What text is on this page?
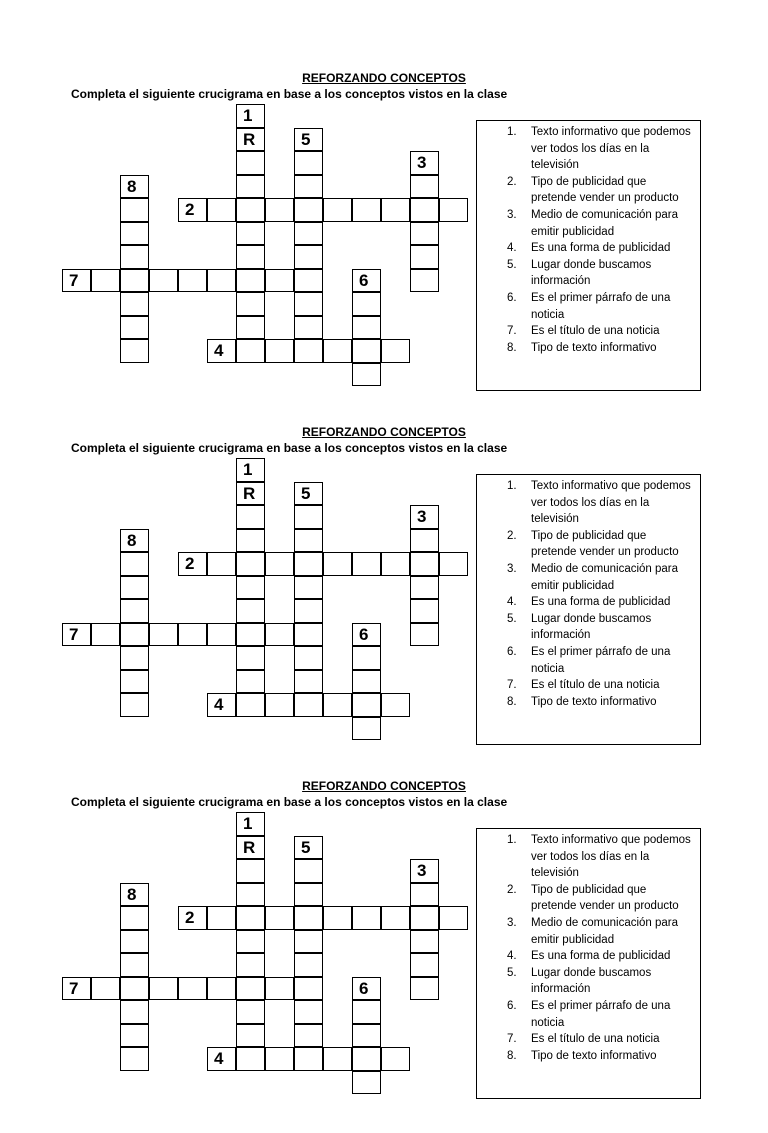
REFORZANDO CONCEPTOS
Completa el siguiente crucigrama en base a los conceptos vistos en la clase
1
R	5
3
8
2
7	6
4
1. Texto informativo que podemos ver todos los días en la televisión
2. Tipo de publicidad que pretende vender un producto
3. Medio de comunicación para emitir publicidad
4. Es una forma de publicidad
5. Lugar donde buscamos información
6. Es el primer párrafo de una noticia
7. Es el título de una noticia
8. Tipo de texto informativo
REFORZANDO CONCEPTOS
Completa el siguiente crucigrama en base a los conceptos vistos en la clase
1
R	5
3
8
2
7	6
4
1. Texto informativo que podemos ver todos los días en la televisión
2. Tipo de publicidad que pretende vender un producto
3. Medio de comunicación para emitir publicidad
4. Es una forma de publicidad
5. Lugar donde buscamos información
6. Es el primer párrafo de una noticia
7. Es el título de una noticia
8. Tipo de texto informativo
REFORZANDO CONCEPTOS
Completa el siguiente crucigrama en base a los conceptos vistos en la clase
1
R	5
3
8
2
7	6
4
1. Texto informativo que podemos ver todos los días en la televisión
2. Tipo de publicidad que pretende vender un producto
3. Medio de comunicación para emitir publicidad
4. Es una forma de publicidad
5. Lugar donde buscamos información
6. Es el primer párrafo de una noticia
7. Es el título de una noticia
8. Tipo de texto informativo
